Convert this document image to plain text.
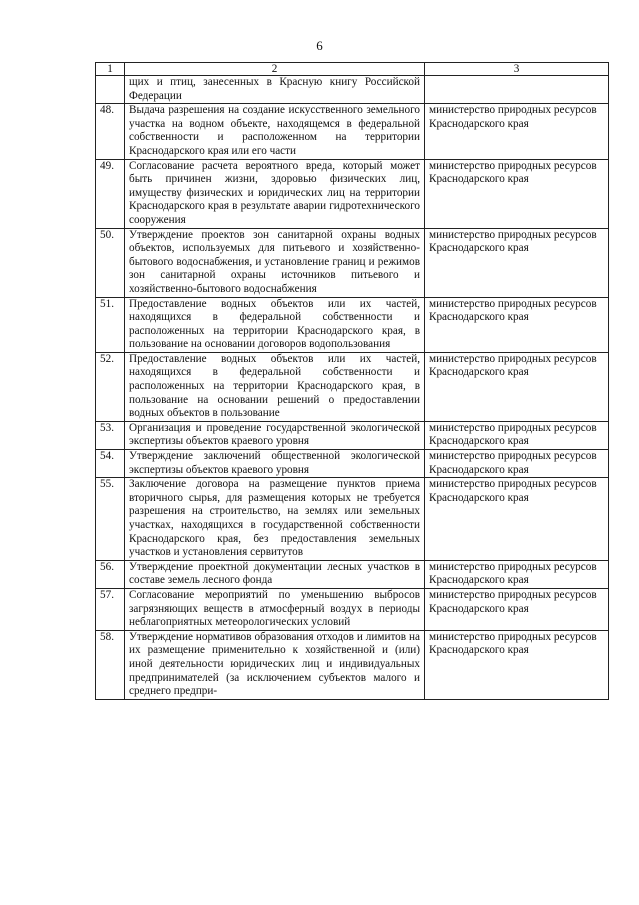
6
1	2	3
	щих и птиц, занесенных в Красную книгу Российской Федерации	
48.	Выдача разрешения на создание искусственного земельного участка на водном объекте, находящемся в федеральной собственности и расположенном на территории Краснодарского края или его части	министерство природных ресурсов Краснодарского края
49.	Согласование расчета вероятного вреда, который может быть причинен жизни, здоровью физических лиц, имуществу физических и юридических лиц на территории Краснодарского края в результате аварии гидротехнического сооружения	министерство природных ресурсов Краснодарского края
50.	Утверждение проектов зон санитарной охраны водных объектов, используемых для питьевого и хозяйственно-бытового водоснабжения, и установление границ и режимов зон санитарной охраны источников питьевого и хозяйственно-бытового водоснабжения	министерство природных ресурсов Краснодарского края
51.	Предоставление водных объектов или их частей, находящихся в федеральной собственности и расположенных на территории Краснодарского края, в пользование на основании договоров водопользования	министерство природных ресурсов Краснодарского края
52.	Предоставление водных объектов или их частей, находящихся в федеральной собственности и расположенных на территории Краснодарского края, в пользование на основании решений о предоставлении водных объектов в пользование	министерство природных ресурсов Краснодарского края
53.	Организация и проведение государственной экологической экспертизы объектов краевого уровня	министерство природных ресурсов Краснодарского края
54.	Утверждение заключений общественной экологической экспертизы объектов краевого уровня	министерство природных ресурсов Краснодарского края
55.	Заключение договора на размещение пунктов приема вторичного сырья, для размещения которых не требуется разрешения на строительство, на землях или земельных участках, находящихся в государственной собственности Краснодарского края, без предоставления земельных участков и установления сервитутов	министерство природных ресурсов Краснодарского края
56.	Утверждение проектной документации лесных участков в составе земель лесного фонда	министерство природных ресурсов Краснодарского края
57.	Согласование мероприятий по уменьшению выбросов загрязняющих веществ в атмосферный воздух в периоды неблагоприятных метеорологических условий	министерство природных ресурсов Краснодарского края
58.	Утверждение нормативов образования отходов и лимитов на их размещение применительно к хозяйственной и (или) иной деятельности юридических лиц и индивидуальных предпринимателей (за исключением субъектов малого и среднего предпри-	министерство природных ресурсов Краснодарского края
